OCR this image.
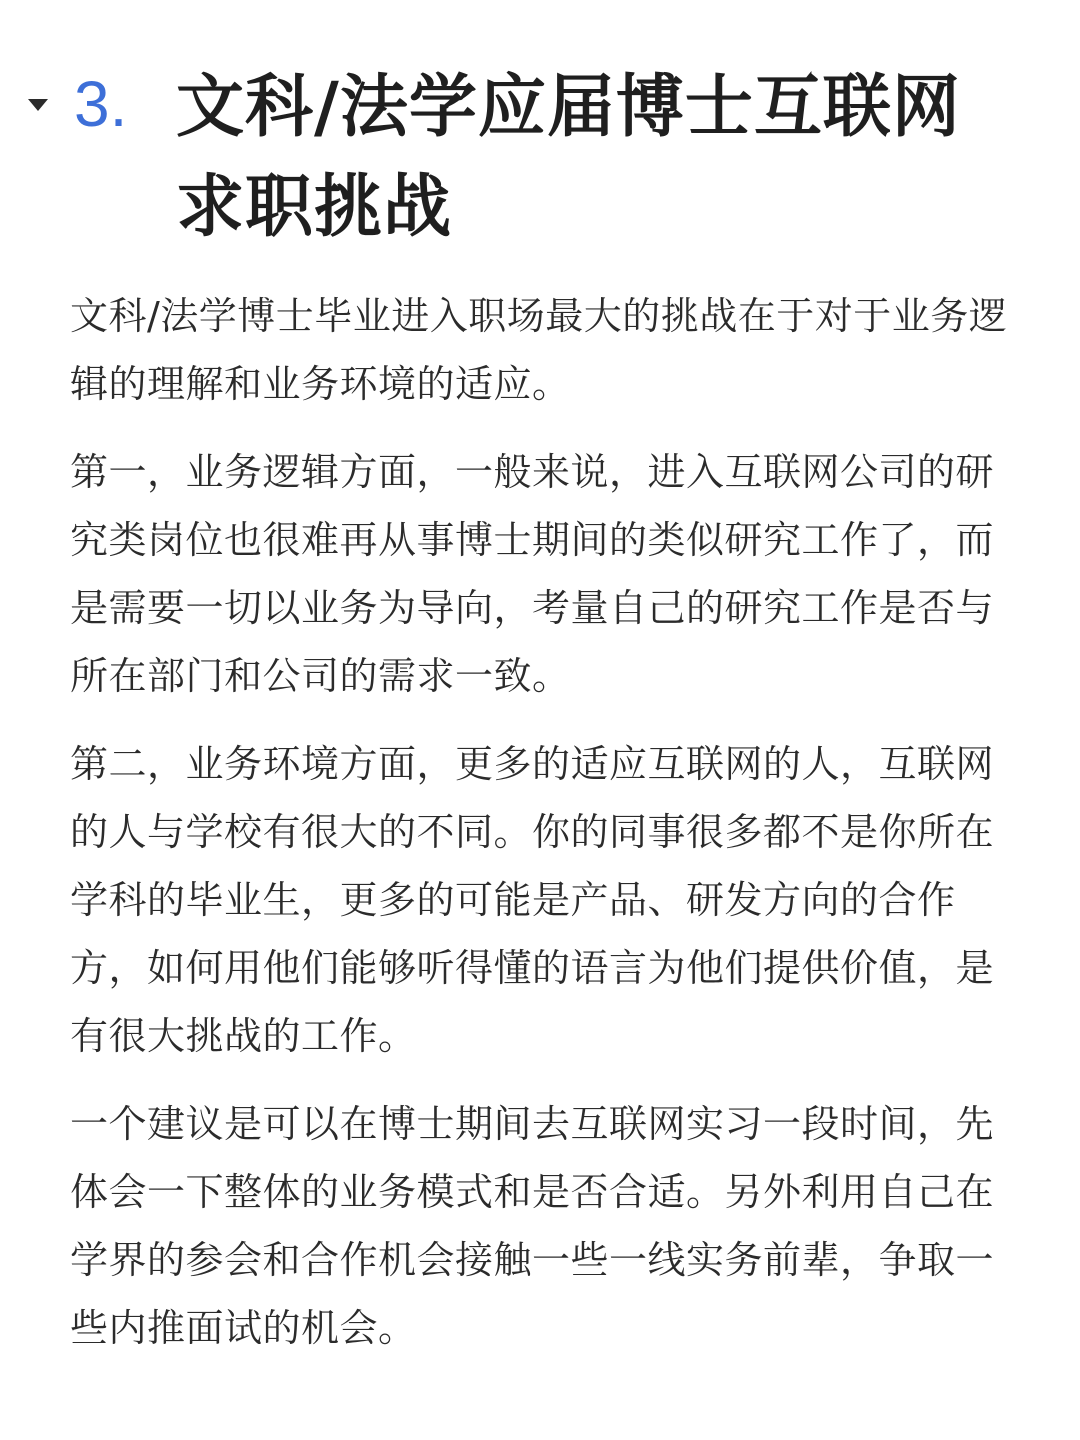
3. 文科/法学应届博士互联网求职挑战

文科/法学博士毕业进入职场最大的挑战在于对于业务逻辑的理解和业务环境的适应。

第一，业务逻辑方面，一般来说，进入互联网公司的研究类岗位也很难再从事博士期间的类似研究工作了，而是需要一切以业务为导向，考量自己的研究工作是否与所在部门和公司的需求一致。

第二，业务环境方面，更多的适应互联网的人，互联网的人与学校有很大的不同。你的同事很多都不是你所在学科的毕业生，更多的可能是产品、研发方向的合作方，如何用他们能够听得懂的语言为他们提供价值，是有很大挑战的工作。

一个建议是可以在博士期间去互联网实习一段时间，先体会一下整体的业务模式和是否合适。另外利用自己在学界的参会和合作机会接触一些一线实务前辈，争取一些内推面试的机会。
